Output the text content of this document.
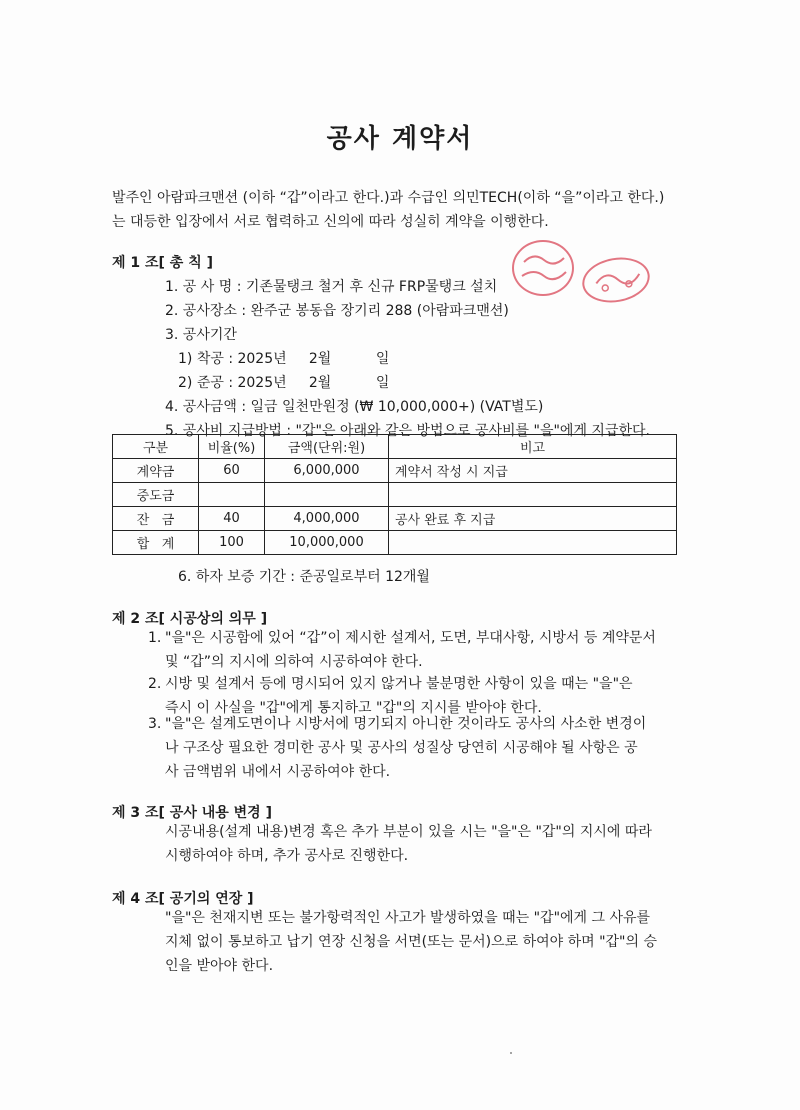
공사 계약서
발주인 아람파크맨션 (이하 “갑”이라고 한다.)과 수급인 의민TECH(이하 “을”이라고 한다.)
는 대등한 입장에서 서로 협력하고 신의에 따라 성실히 계약을 이행한다.
제 1 조[ 총 칙 ]
1. 공 사 명 : 기존물탱크 철거 후 신규 FRP물탱크 설치
2. 공사장소 : 완주군 봉동읍 장기리 288 (아람파크맨션)
3. 공사기간
1) 착공 : 2025년     2월          일
2) 준공 : 2025년     2월          일
4. 공사금액 : 일금 일천만원정 (₩ 10,000,000+) (VAT별도)
5. 공사비 지급방법 : "갑"은 아래와 같은 방법으로 공사비를 "을"에게 지급한다.
구분	비율(%)	금액(단위:원)	비고
계약금	60	6,000,000	계약서 작성 시 지급
중도금			
잔   금	40	4,000,000	공사 완료 후 지급
합   계	100	10,000,000	
6. 하자 보증 기간 : 준공일로부터 12개월
제 2 조[ 시공상의 의무 ]
1. "을"은 시공함에 있어 “갑”이 제시한 설계서, 도면, 부대사항, 시방서 등 계약문서
및 “갑”의 지시에 의하여 시공하여야 한다.
2. 시방 및 설계서 등에 명시되어 있지 않거나 불분명한 사항이 있을 때는 "을"은
즉시 이 사실을 "갑"에게 통지하고 "갑"의 지시를 받아야 한다.
3. "을"은 설계도면이나 시방서에 명기되지 아니한 것이라도 공사의 사소한 변경이
나 구조상 필요한 경미한 공사 및 공사의 성질상 당연히 시공해야 될 사항은 공
사 금액범위 내에서 시공하여야 한다.
제 3 조[ 공사 내용 변경 ]
시공내용(설계 내용)변경 혹은 추가 부분이 있을 시는 "을"은 "갑"의 지시에 따라
시행하여야 하며, 추가 공사로 진행한다.
제 4 조[ 공기의 연장 ]
"을"은 천재지변 또는 불가항력적인 사고가 발생하였을 때는 "갑"에게 그 사유를
지체 없이 통보하고 납기 연장 신청을 서면(또는 문서)으로 하여야 하며 "갑"의 승
인을 받아야 한다.
